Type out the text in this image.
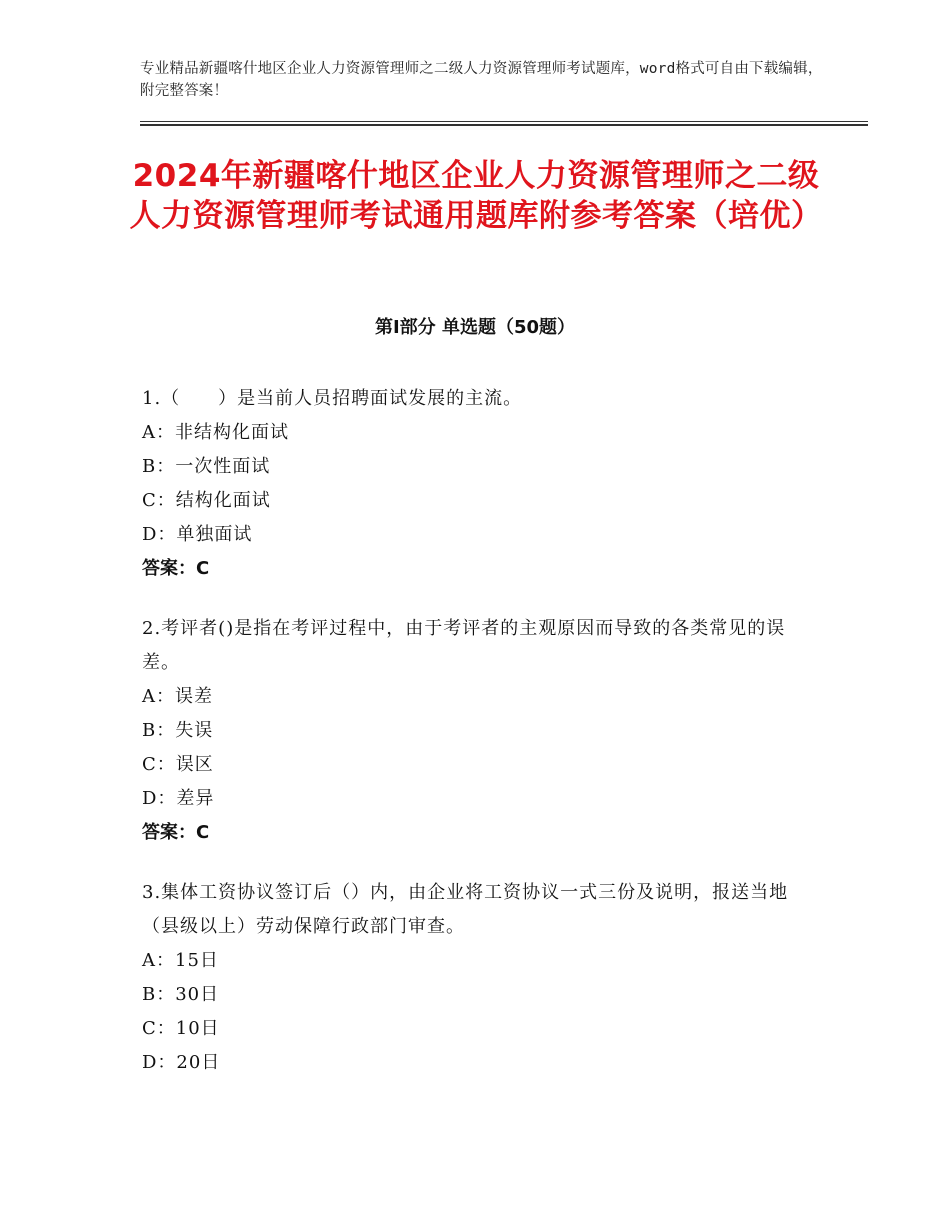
专业精品新疆喀什地区企业人力资源管理师之二级人力资源管理师考试题库，word格式可自由下载编辑，附完整答案！
2024年新疆喀什地区企业人力资源管理师之二级人力资源管理师考试通用题库附参考答案（培优）
第Ⅰ部分 单选题（50题）
1.（　　）是当前人员招聘面试发展的主流。
A：非结构化面试
B：一次性面试
C：结构化面试
D：单独面试
答案：C
2.考评者()是指在考评过程中，由于考评者的主观原因而导致的各类常见的误差。
A：误差
B：失误
C：误区
D：差异
答案：C
3.集体工资协议签订后（）内，由企业将工资协议一式三份及说明，报送当地（县级以上）劳动保障行政部门审查。
A：15日
B：30日
C：10日
D：20日
